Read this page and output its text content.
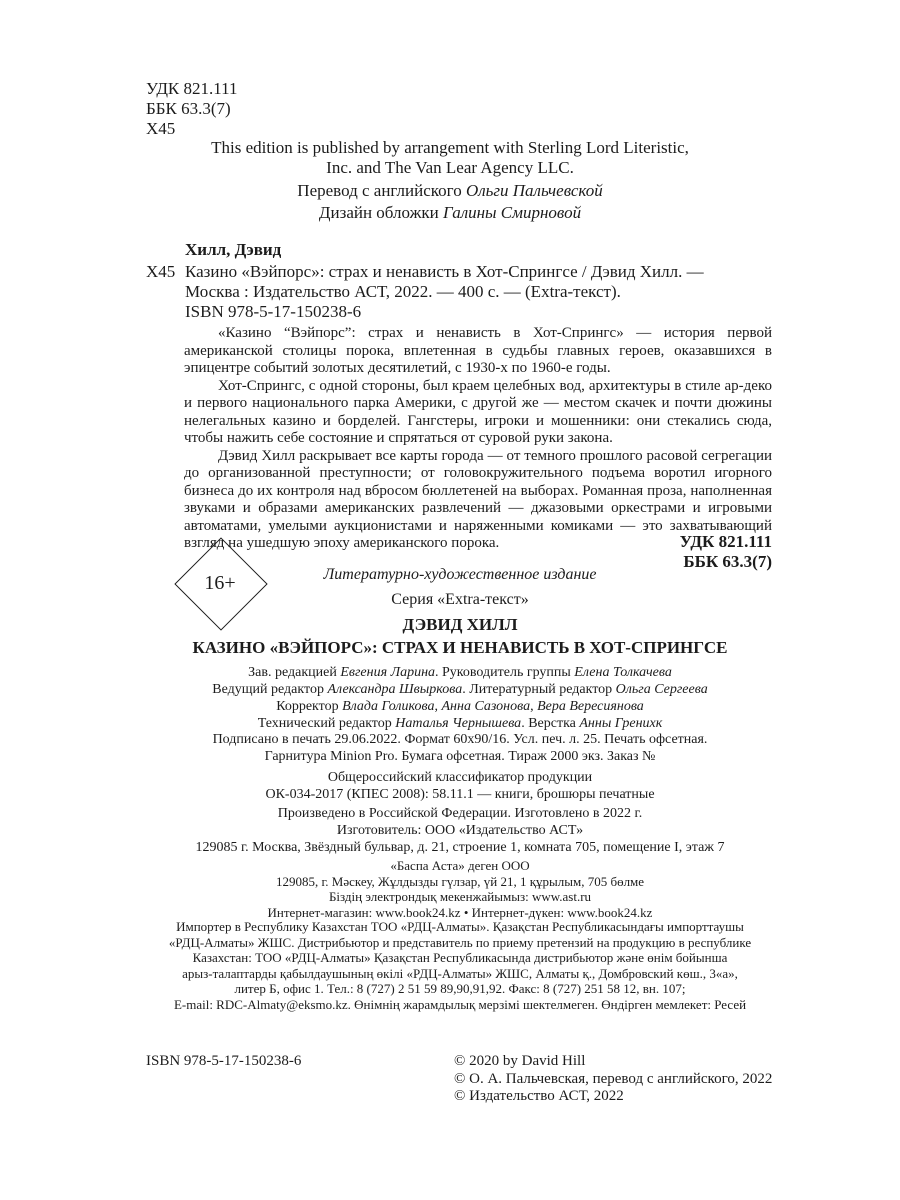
УДК 821.111
ББК 63.3(7)
Х45
This edition is published by arrangement with Sterling Lord Literistic,
Inc. and The Van Lear Agency LLC.
Перевод с английского Ольги Пальчевской
Дизайн обложки Галины Смирновой
Хилл, Дэвид
Х45 Казино «Вэйпорс»: страх и ненависть в Хот-Спрингсе / Дэвид Хилл. —
Москва : Издательство АСТ, 2022. — 400 с. — (Extra-текст).
ISBN 978-5-17-150238-6
«Казино “Вэйпорс”: страх и ненависть в Хот-Спрингс» — история первой американской столицы порока, вплетенная в судьбы главных героев, оказавшихся в эпицентре событий золотых десятилетий, с 1930-х по 1960-е годы.
Хот-Спрингс, с одной стороны, был краем целебных вод, архитектуры в стиле ар-деко и первого национального парка Америки, с другой же — местом скачек и почти дюжины нелегальных казино и борделей. Гангстеры, игроки и мошенники: они стекались сюда, чтобы нажить себе состояние и спрятаться от суровой руки закона.
Дэвид Хилл раскрывает все карты города — от темного прошлого расовой сегрегации до организованной преступности; от головокружительного подъема воротил игорного бизнеса до их контроля над вбросом бюллетеней на выборах. Романная проза, наполненная звуками и образами американских развлечений — джазовыми оркестрами и игровыми автоматами, умелыми аукционистами и наряженными комиками — это захватывающий взгляд на ушедшую эпоху американского порока.	УДК 821.111
ББК 63.3(7)
16+	Литературно-художественное издание
Серия «Extra-текст»
ДЭВИД ХИЛЛ
КАЗИНО «ВЭЙПОРС»: СТРАХ И НЕНАВИСТЬ В ХОТ-СПРИНГСЕ
Зав. редакцией Евгения Ларина. Руководитель группы Елена Толкачева
Ведущий редактор Александра Швыркова. Литературный редактор Ольга Сергеева
Корректор Влада Голикова, Анна Сазонова, Вера Вересиянова
Технический редактор Наталья Чернышева. Верстка Анны Гренихк
Подписано в печать 29.06.2022. Формат 60x90/16. Усл. печ. л. 25. Печать офсетная.
Гарнитура Minion Pro. Бумага офсетная. Тираж 2000 экз. Заказ №
Общероссийский классификатор продукции
ОК-034-2017 (КПЕС 2008): 58.11.1 — книги, брошюры печатные
Произведено в Российской Федерации. Изготовлено в 2022 г.
Изготовитель: ООО «Издательство АСТ»
129085 г. Москва, Звёздный бульвар, д. 21, строение 1, комната 705, помещение I, этаж 7
«Баспа Аста» деген ООО
129085, г. Мәскеу, Жұлдызды гүлзар, үй 21, 1 құрылым, 705 бөлме
Біздің электрондық мекенжайымыз: www.ast.ru
Интернет-магазин: www.book24.kz • Интернет-дүкен: www.book24.kz
Импортер в Республику Казахстан ТОО «РДЦ-Алматы». Қазақстан Республикасындағы импорттаушы
«РДЦ-Алматы» ЖШС. Дистрибьютор и представитель по приему претензий на продукцию в республике
Казахстан: ТОО «РДЦ-Алматы» Қазақстан Республикасында дистрибьютор және өнім бойынша
арыз-талаптарды қабылдаушының өкілі «РДЦ-Алматы» ЖШС, Алматы қ., Домбровский көш., 3«а»,
литер Б, офис 1. Тел.: 8 (727) 2 51 59 89,90,91,92. Факс: 8 (727) 251 58 12, вн. 107;
E-mail: RDC-Almaty@eksmo.kz. Өнімнің жарамдылық мерзімі шектелмеген. Өндірген мемлекет: Ресей
ISBN 978-5-17-150238-6	© 2020 by David Hill
© О. А. Пальчевская, перевод с английского, 2022
© Издательство АСТ, 2022
